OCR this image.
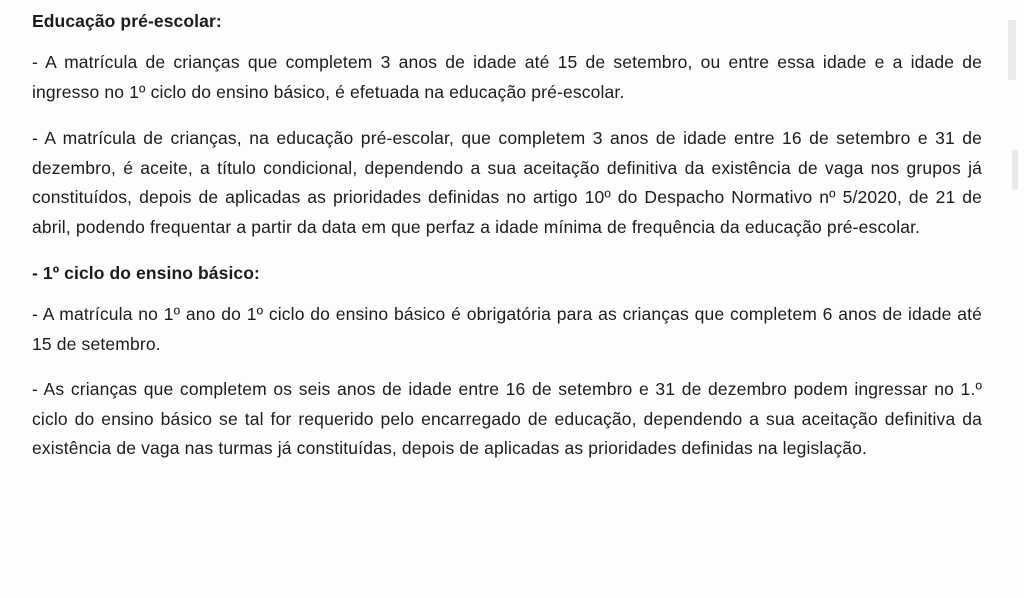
Educação pré-escolar:

- A matrícula de crianças que completem 3 anos de idade até 15 de setembro, ou entre essa idade e a idade de ingresso no 1º ciclo do ensino básico, é efetuada na educação pré-escolar.

- A matrícula de crianças, na educação pré-escolar, que completem 3 anos de idade entre 16 de setembro e 31 de dezembro, é aceite, a título condicional, dependendo a sua aceitação definitiva da existência de vaga nos grupos já constituídos, depois de aplicadas as prioridades definidas no artigo 10º do Despacho Normativo nº 5/2020, de 21 de abril, podendo frequentar a partir da data em que perfaz a idade mínima de frequência da educação pré-escolar.

- 1º ciclo do ensino básico:

- A matrícula no 1º ano do 1º ciclo do ensino básico é obrigatória para as crianças que completem 6 anos de idade até 15 de setembro.

- As crianças que completem os seis anos de idade entre 16 de setembro e 31 de dezembro podem ingressar no 1.º ciclo do ensino básico se tal for requerido pelo encarregado de educação, dependendo a sua aceitação definitiva da existência de vaga nas turmas já constituídas, depois de aplicadas as prioridades definidas na legislação.
